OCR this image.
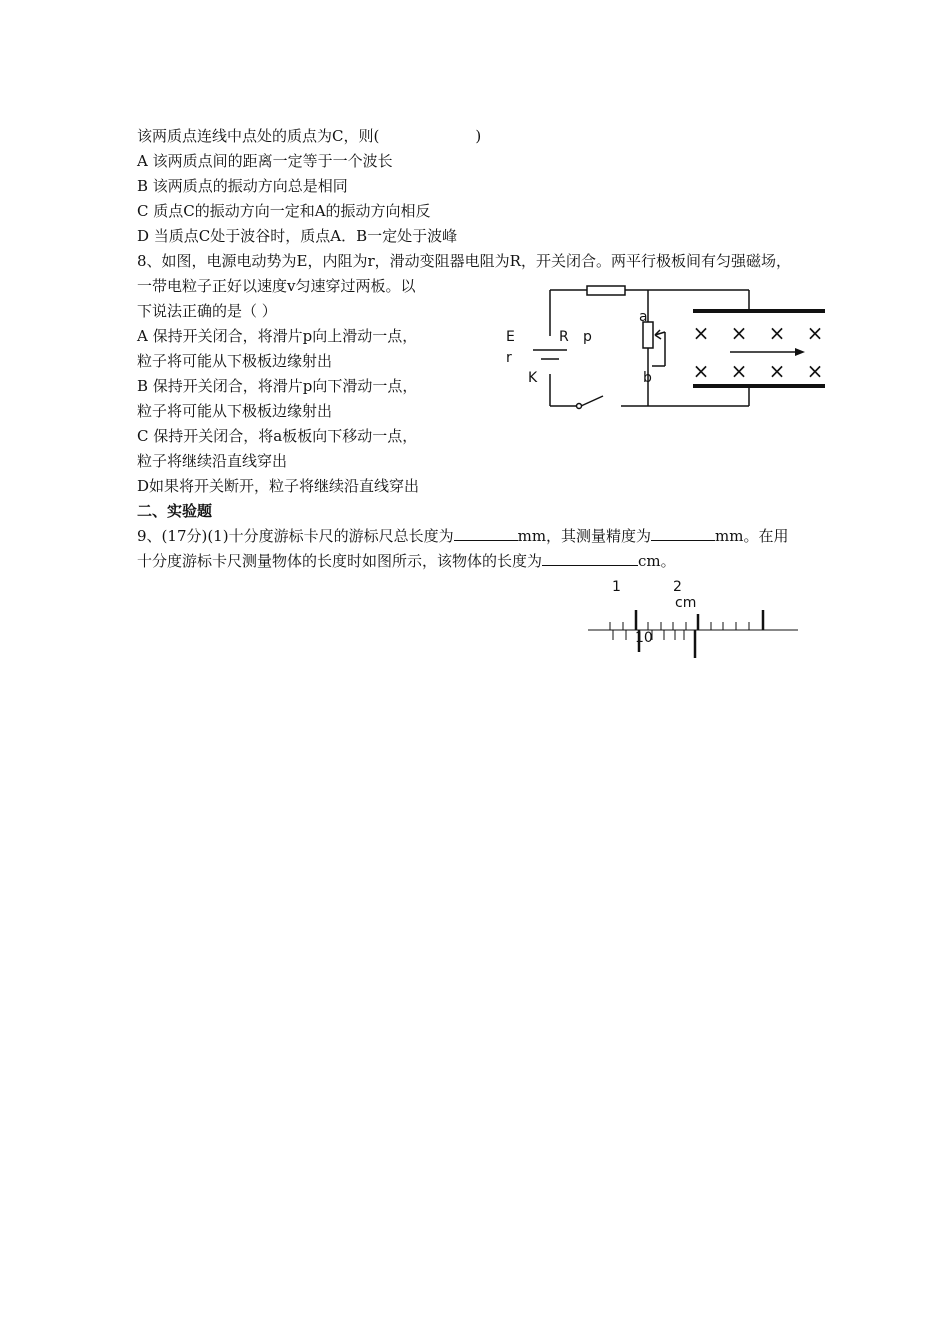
该两质点连线中点处的质点为C，则(	)
A 该两质点间的距离一定等于一个波长
B 该两质点的振动方向总是相同
C 质点C的振动方向一定和A的振动方向相反
D 当质点C处于波谷时，质点A．B一定处于波峰
8、如图，电源电动势为E，内阻为r，滑动变阻器电阻为R，开关闭合。两平行极板间有匀强磁场，
一带电粒子正好以速度v匀速穿过两板。以
下说法正确的是（ ）
A 保持开关闭合，将滑片p向上滑动一点，
粒子将可能从下极板边缘射出
B 保持开关闭合，将滑片p向下滑动一点，
粒子将可能从下极板边缘射出
C 保持开关闭合，将a板板向下移动一点，
粒子将继续沿直线穿出
D如果将开关断开，粒子将继续沿直线穿出
× × × ×
× × × ×
E
r
R p
K
a
b
二、实验题
9、(17分)(1)十分度游标卡尺的游标尺总长度为	mm，其测量精度为	mm。在用
十分度游标卡尺测量物体的长度时如图所示，该物体的长度为	cm。
1	2
cm
10
